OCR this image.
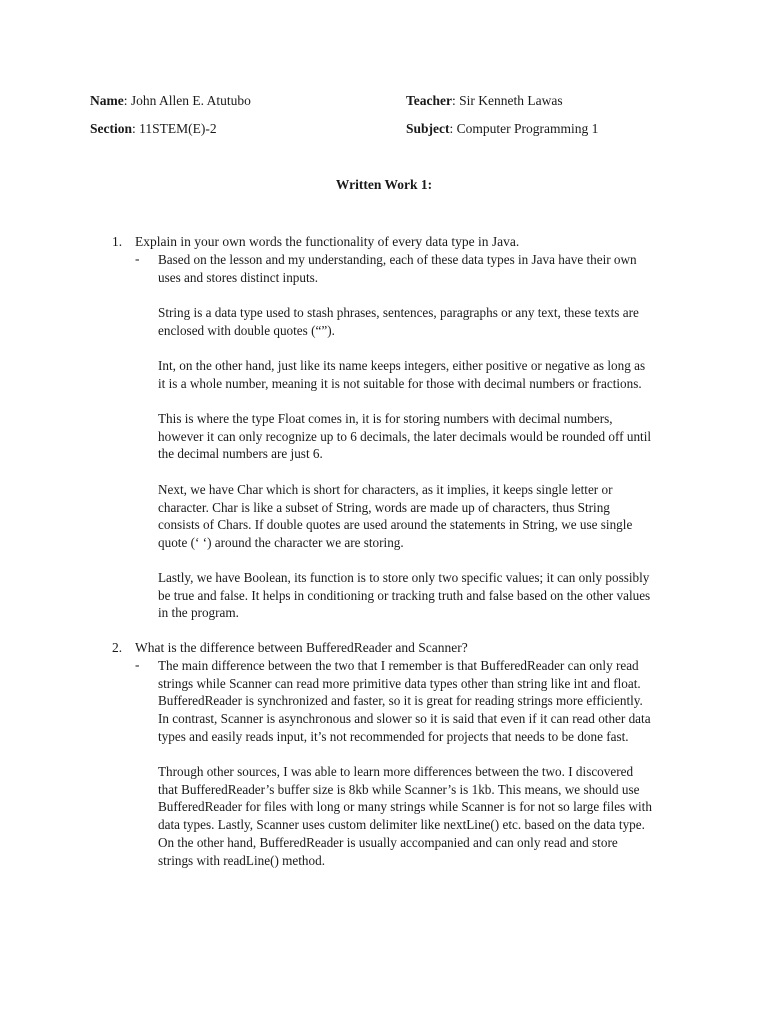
Name: John Allen E. Atutubo	Teacher: Sir Kenneth Lawas
Section: 11STEM(E)-2	Subject: Computer Programming 1
Written Work 1:
1. Explain in your own words the functionality of every data type in Java.
- Based on the lesson and my understanding, each of these data types in Java have their own
uses and stores distinct inputs.
String is a data type used to stash phrases, sentences, paragraphs or any text, these texts are
enclosed with double quotes (“”).
Int, on the other hand, just like its name keeps integers, either positive or negative as long as
it is a whole number, meaning it is not suitable for those with decimal numbers or fractions.
This is where the type Float comes in, it is for storing numbers with decimal numbers,
however it can only recognize up to 6 decimals, the later decimals would be rounded off until
the decimal numbers are just 6.
Next, we have Char which is short for characters, as it implies, it keeps single letter or
character. Char is like a subset of String, words are made up of characters, thus String
consists of Chars. If double quotes are used around the statements in String, we use single
quote (‘ ‘) around the character we are storing.
Lastly, we have Boolean, its function is to store only two specific values; it can only possibly
be true and false. It helps in conditioning or tracking truth and false based on the other values
in the program.
2. What is the difference between BufferedReader and Scanner?
- The main difference between the two that I remember is that BufferedReader can only read
strings while Scanner can read more primitive data types other than string like int and float.
BufferedReader is synchronized and faster, so it is great for reading strings more efficiently.
In contrast, Scanner is asynchronous and slower so it is said that even if it can read other data
types and easily reads input, it’s not recommended for projects that needs to be done fast.
Through other sources, I was able to learn more differences between the two. I discovered
that BufferedReader’s buffer size is 8kb while Scanner’s is 1kb. This means, we should use
BufferedReader for files with long or many strings while Scanner is for not so large files with
data types. Lastly, Scanner uses custom delimiter like nextLine() etc. based on the data type.
On the other hand, BufferedReader is usually accompanied and can only read and store
strings with readLine() method.
